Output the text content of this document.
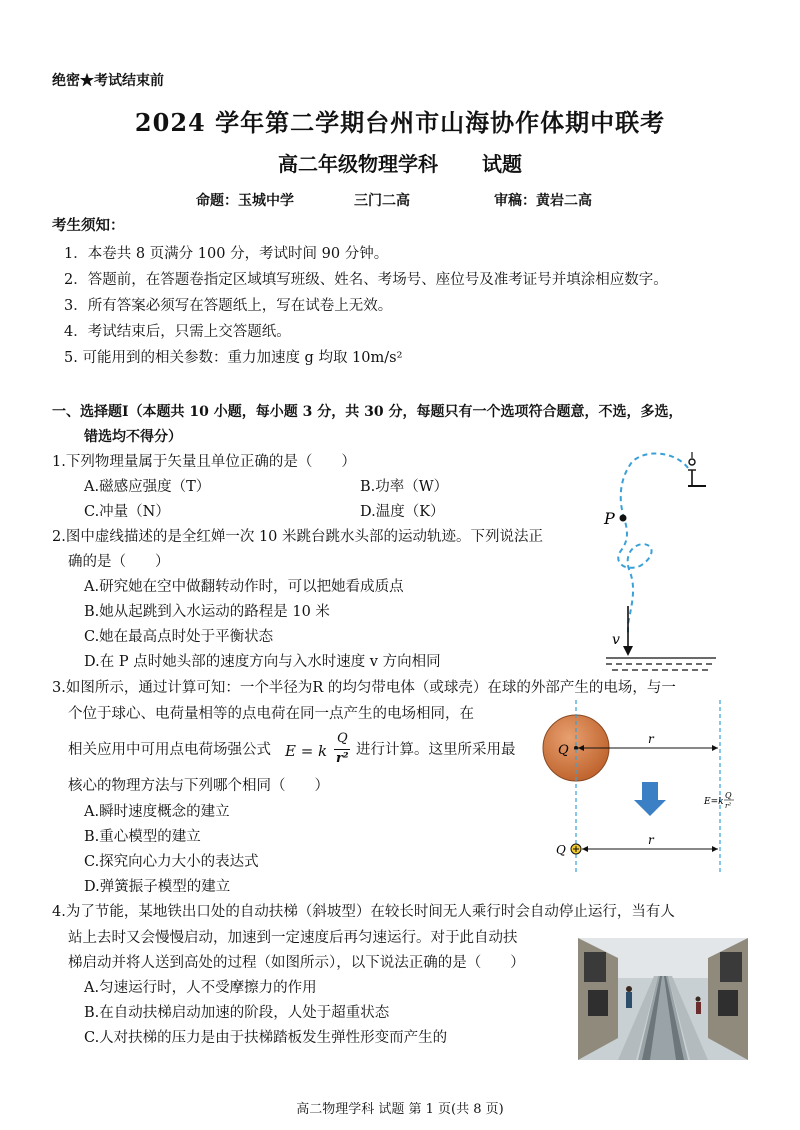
绝密★考试结束前
2024 学年第二学期台州市山海协作体期中联考
高二年级物理学科 试题
命题：玉城中学	三门二高	审稿：黄岩二高
考生须知：
1．本卷共 8 页满分 100 分，考试时间 90 分钟。
2．答题前，在答题卷指定区域填写班级、姓名、考场号、座位号及准考证号并填涂相应数字。
3．所有答案必须写在答题纸上，写在试卷上无效。
4．考试结束后，只需上交答题纸。
5. 可能用到的相关参数：重力加速度 g 均取 10m/s²
一、选择题Ⅰ（本题共 10 小题，每小题 3 分，共 30 分，每题只有一个选项符合题意，不选，多选，
错选均不得分）
1.下列物理量属于矢量且单位正确的是（　　）
A.磁感应强度（T）	B.功率（W）
C.冲量（N）	D.温度（K）
2.图中虚线描述的是全红婵一次 10 米跳台跳水头部的运动轨迹。下列说法正
确的是（　　）
A.研究她在空中做翻转动作时，可以把她看成质点
B.她从起跳到入水运动的路程是 10 米
C.她在最高点时处于平衡状态
D.在 P 点时她头部的速度方向与入水时速度 v 方向相同
P
v
3.如图所示，通过计算可知：一个半径为R 的均匀带电体（或球壳）在球的外部产生的电场，与一
个位于球心、电荷量相等的点电荷在同一点产生的电场相同，在
相关应用中可用点电荷场强公式 E = k
Q
r²
进行计算。这里所采用最
核心的物理方法与下列哪个相同（　　）
A.瞬时速度概念的建立
B.重心模型的建立
C.探究向心力大小的表达式
D.弹簧振子模型的建立
Q
r
E=k
Q
r²
Q
r
4.为了节能，某地铁出口处的自动扶梯（斜坡型）在较长时间无人乘行时会自动停止运行，当有人
站上去时又会慢慢启动，加速到一定速度后再匀速运行。对于此自动扶
梯启动并将人送到高处的过程（如图所示），以下说法正确的是（　　）
A.匀速运行时，人不受摩擦力的作用
B.在自动扶梯启动加速的阶段，人处于超重状态
C.人对扶梯的压力是由于扶梯踏板发生弹性形变而产生的
高二物理学科 试题 第 1 页(共 8 页)
